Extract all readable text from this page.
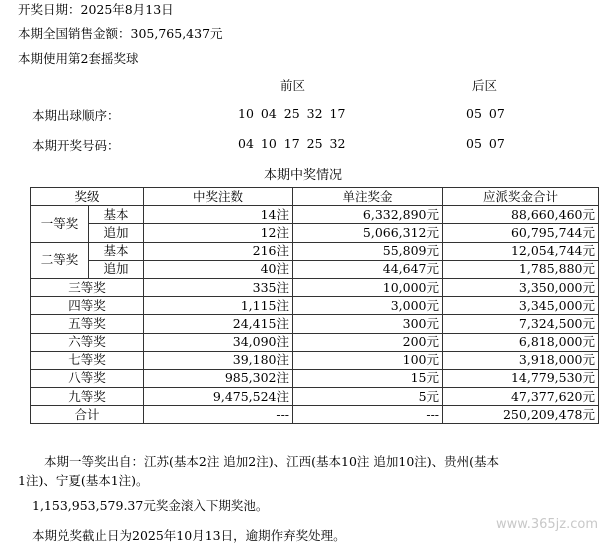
开奖日期：2025年8月13日
本期全国销售金额：305,765,437元
本期使用第2套摇奖球
前区	后区
本期出球顺序：	10 04 25 32 17	05 07
本期开奖号码：	04 10 17 25 32	05 07
本期中奖情况
奖级		中奖注数	单注奖金	应派奖金合计
一等奖	基本	14注	6,332,890元	88,660,460元
	追加	12注	5,066,312元	60,795,744元
二等奖	基本	216注	55,809元	12,054,744元
	追加	40注	44,647元	1,785,880元
三等奖		335注	10,000元	3,350,000元
四等奖		1,115注	3,000元	3,345,000元
五等奖		24,415注	300元	7,324,500元
六等奖		34,090注	200元	6,818,000元
七等奖		39,180注	100元	3,918,000元
八等奖		985,302注	15元	14,779,530元
九等奖		9,475,524注	5元	47,377,620元
合计		---	---	250,209,478元
本期一等奖出自：江苏(基本2注 追加2注)、江西(基本10注 追加10注)、贵州(基本
1注)、宁夏(基本1注)。
1,153,953,579.37元奖金滚入下期奖池。
本期兑奖截止日为2025年10月13日，逾期作弃奖处理。
www.365jz.com
